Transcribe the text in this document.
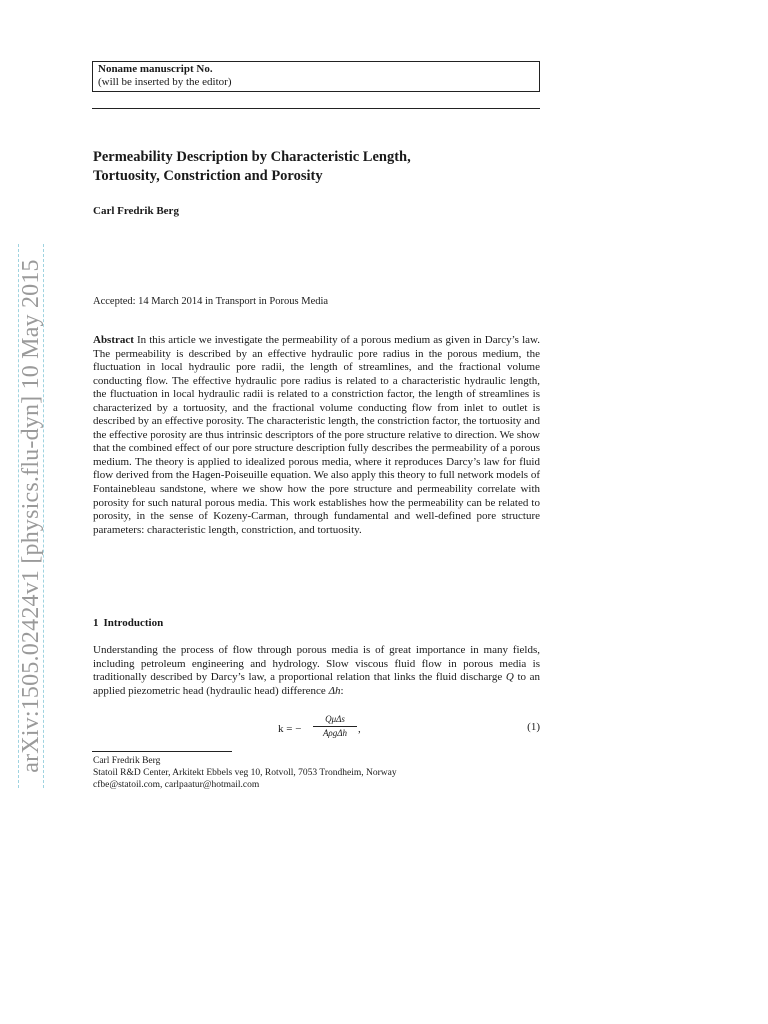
arXiv:1505.02424v1 [physics.flu-dyn] 10 May 2015
Noname manuscript No.
(will be inserted by the editor)
Permeability Description by Characteristic Length,
Tortuosity, Constriction and Porosity
Carl Fredrik Berg
Accepted: 14 March 2014 in Transport in Porous Media
Abstract In this article we investigate the permeability of a porous medium as given in Darcy’s law. The permeability is described by an effective hydraulic pore radius in the porous medium, the fluctuation in local hydraulic pore radii, the length of streamlines, and the fractional volume conducting flow. The effective hydraulic pore radius is related to a characteristic hydraulic length, the fluctuation in local hydraulic radii is related to a constriction factor, the length of streamlines is characterized by a tortuosity, and the fractional volume conducting flow from inlet to outlet is described by an effective porosity. The characteristic length, the constriction factor, the tortuosity and the effective porosity are thus intrinsic descriptors of the pore structure relative to direction. We show that the combined effect of our pore structure description fully describes the permeability of a porous medium. The theory is applied to idealized porous media, where it reproduces Darcy’s law for fluid flow derived from the Hagen-Poiseuille equation. We also apply this theory to full network models of Fontainebleau sandstone, where we show how the pore structure and permeability correlate with porosity for such natural porous media. This work establishes how the permeability can be related to porosity, in the sense of Kozeny-Carman, through fundamental and well-defined pore structure parameters: characteristic length, constriction, and tortuosity.
1 Introduction
Understanding the process of flow through porous media is of great importance in many fields, including petroleum engineering and hydrology. Slow viscous fluid flow in porous media is traditionally described by Darcy’s law, a proportional relation that links the fluid discharge Q to an applied piezometric head (hydraulic head) difference Δh:
k = −
QμΔs
AρgΔh ,	(1)
Carl Fredrik Berg
Statoil R&D Center, Arkitekt Ebbels veg 10, Rotvoll, 7053 Trondheim, Norway
cfbe@statoil.com, carlpaatur@hotmail.com
